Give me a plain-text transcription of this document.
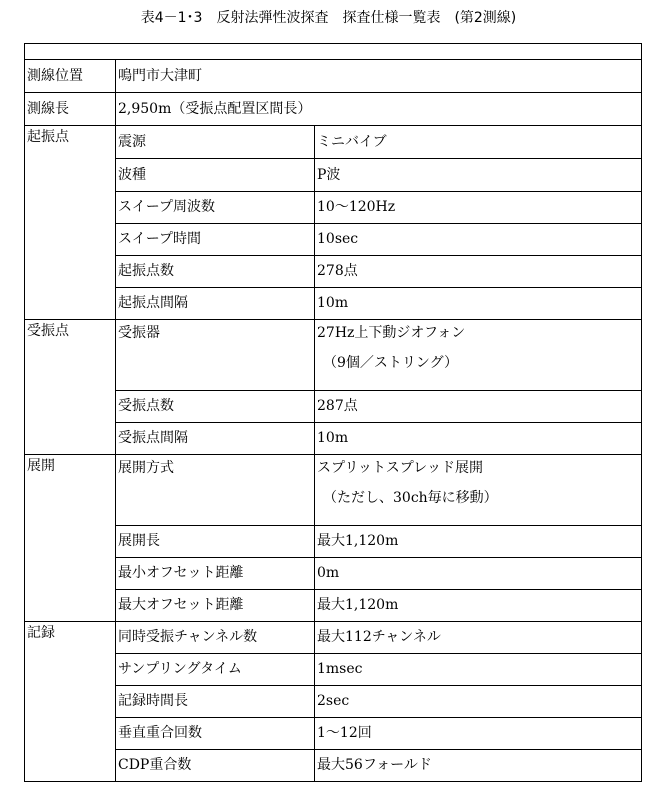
表4－1･3　反射法弾性波探査　探査仕様一覧表　(第2測線)

測線位置	鳴門市大津町	
測線長	2,950m（受振点配置区間長）	
起振点	震源	ミニバイブ
	波種	P波
	スイープ周波数	10～120Hz
	スイープ時間	10sec
	起振点数	278点
	起振点間隔	10m
受振点	受振器	27Hz上下動ジオフォン
（9個／ストリング）

	受振点数	287点
	受振点間隔	10m
展開	展開方式	スプリットスプレッド展開
（ただし、30ch毎に移動）

	展開長	最大1,120m
	最小オフセット距離	0m
	最大オフセット距離	最大1,120m
記録	同時受振チャンネル数	最大112チャンネル
	サンプリングタイム	1msec
	記録時間長	2sec
	垂直重合回数	1～12回
	CDP重合数	最大56フォールド
